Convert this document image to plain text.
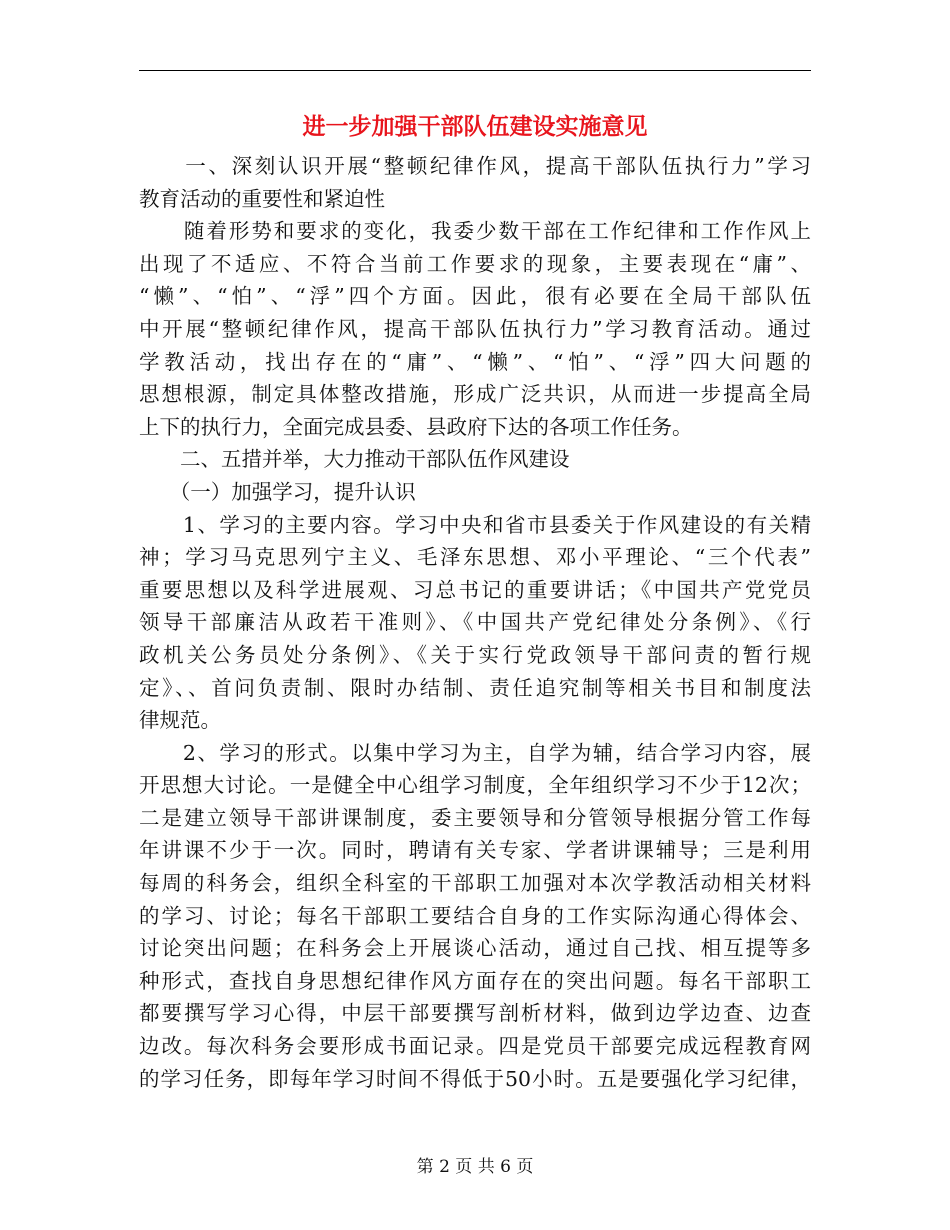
进一步加强干部队伍建设实施意见

　　一、深刻认识开展“整顿纪律作风，提高干部队伍执行力”学习

教育活动的重要性和紧迫性

　　随着形势和要求的变化，我委少数干部在工作纪律和工作作风上

出现了不适应、不符合当前工作要求的现象，主要表现在“庸”、

“懒”、“怕”、“浮”四个方面。因此，很有必要在全局干部队伍

中开展“整顿纪律作风，提高干部队伍执行力”学习教育活动。通过

学教活动，找出存在的“庸”、“懒”、“怕”、“浮”四大问题的

思想根源，制定具体整改措施，形成广泛共识，从而进一步提高全局

上下的执行力，全面完成县委、县政府下达的各项工作任务。

　　二、五措并举，大力推动干部队伍作风建设

　　（一）加强学习，提升认识

　　1、学习的主要内容。学习中央和省市县委关于作风建设的有关精

神；学习马克思列宁主义、毛泽东思想、邓小平理论、“三个代表”

重要思想以及科学进展观、习总书记的重要讲话；《中国共产党党员

领导干部廉洁从政若干准则》、《中国共产党纪律处分条例》、《行

政机关公务员处分条例》、《关于实行党政领导干部问责的暂行规

定》、、首问负责制、限时办结制、责任追究制等相关书目和制度法

律规范。

　　2、学习的形式。以集中学习为主，自学为辅，结合学习内容，展

开思想大讨论。一是健全中心组学习制度，全年组织学习不少于12次；

二是建立领导干部讲课制度，委主要领导和分管领导根据分管工作每

年讲课不少于一次。同时，聘请有关专家、学者讲课辅导；三是利用

每周的科务会，组织全科室的干部职工加强对本次学教活动相关材料

的学习、讨论；每名干部职工要结合自身的工作实际沟通心得体会、

讨论突出问题；在科务会上开展谈心活动，通过自己找、相互提等多

种形式，查找自身思想纪律作风方面存在的突出问题。每名干部职工

都要撰写学习心得，中层干部要撰写剖析材料，做到边学边查、边查

边改。每次科务会要形成书面记录。四是党员干部要完成远程教育网

的学习任务，即每年学习时间不得低于50小时。五是要强化学习纪律，

第 2 页 共 6 页
